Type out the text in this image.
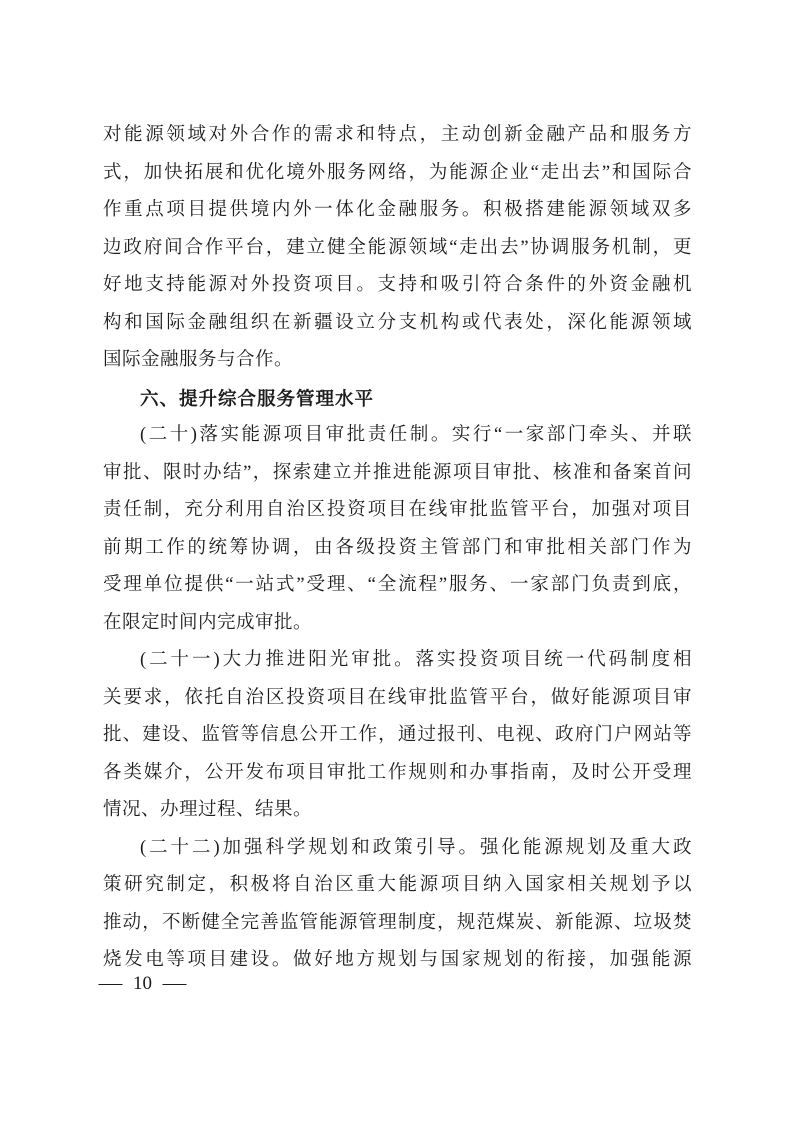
对能源领域对外合作的需求和特点，主动创新金融产品和服务方
式，加快拓展和优化境外服务网络，为能源企业“走出去”和国际合
作重点项目提供境内外一体化金融服务。积极搭建能源领域双多
边政府间合作平台，建立健全能源领域“走出去”协调服务机制，更
好地支持能源对外投资项目。支持和吸引符合条件的外资金融机
构和国际金融组织在新疆设立分支机构或代表处，深化能源领域
国际金融服务与合作。
六、提升综合服务管理水平
(二十)落实能源项目审批责任制。实行“一家部门牵头、并联
审批、限时办结”，探索建立并推进能源项目审批、核准和备案首问
责任制，充分利用自治区投资项目在线审批监管平台，加强对项目
前期工作的统筹协调，由各级投资主管部门和审批相关部门作为
受理单位提供“一站式”受理、“全流程”服务、一家部门负责到底，
在限定时间内完成审批。
(二十一)大力推进阳光审批。落实投资项目统一代码制度相
关要求，依托自治区投资项目在线审批监管平台，做好能源项目审
批、建设、监管等信息公开工作，通过报刊、电视、政府门户网站等
各类媒介，公开发布项目审批工作规则和办事指南，及时公开受理
情况、办理过程、结果。
(二十二)加强科学规划和政策引导。强化能源规划及重大政
策研究制定，积极将自治区重大能源项目纳入国家相关规划予以
推动，不断健全完善监管能源管理制度，规范煤炭、新能源、垃圾焚
烧发电等项目建设。做好地方规划与国家规划的衔接，加强能源
— 10 —
